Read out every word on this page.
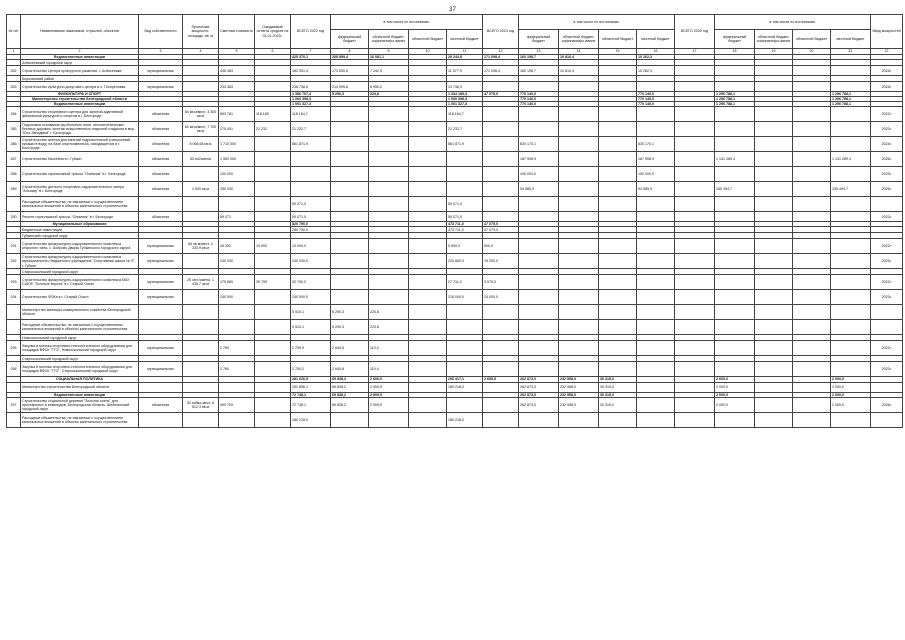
37
№ п/п	Наименование заказчиков, отраслей, объектов	Вид собственности	Проектная мощность, площадь, кв. м	Сметная стоимость	Ожидаемый остаток средств на 01.01.2022г.	ВСЕГО 2022 год	в том числе по источникам:				ВСЕГО 2024 год	в том числе по источникам:				ВСЕГО 2025 год	в том числе по источникам:				Ввод мощностей
							федеральный бюджет	областной бюджет, софинансиро-вание	областной бюджет	местный бюджет		федеральный бюджет	областной бюджет, софинансиро-вание	областной бюджет	местный бюджет		федеральный бюджет	областной бюджет, софинансиро-вание	областной бюджет	местный бюджет	
1	2	3	4	5	6	7	8	9	10	11	12	13	14	15	16	17	18	19	20	21	22
	Ведомственные инвестиции					425 370,1	208 899,4	16 081,1		20 244,8	171 098,4	160 198,7	10 810,4		10 262,3						
	Алексеевский городской округ																				
282	Строительство Центра культурного развития, г. Алексеевка	муниципальная		436 383		182 051,4	173 830,5	7 242,9		11 577,9	171 098,4	160 198,7	10 810,4		10 262,3						2024г.
	Корочанский район																				
283	Строительство культурно-досугового центра в с. Погореловка	муниципальная		253 383		236 738,5	214 095,8	8 950,2		13 746,9											2024г.
	ФИЗКУЛЬТУРА И СПОРТ					1 386 707,4	5 290,3	220,8		1 334 189,3	47 079,0	770 140,0			770 140,0		1 296 788,1			1 296 788,1	
	Министерство строительства Белгородской области					1 060 398,3				1 060 398,3		770 140,0			770 140,0		1 296 788,1			1 296 788,1	
	Ведомственные инвестиции					1 001 327,3				1 001 327,3		770 140,0			770 140,0		1 296 788,1			1 296 788,1	
284	Строительство спортивного центра для занятий адаптивной физической культурой и спортом в г. Белгороде	областная	84 кв.м/мест, 3 300 кв.м	693 781	118 185	118 164,7				118 164,7											2022г.
285	Подготовка основания футбольного поля, легкоатлетических беговых дорожек, монтаж искусственных покрытий стадиона в мкр. "Юго-Западный" г. Белгорода	областная	60 кв.м/мест, 7 700 кв.м	175 451	21 232	21 232,7				21 232,7											2022г.
286	Строительство центра для занятий гидроэстетикой (синхронный, прыжки в воду) на базе спорткомплекса, находящегося в г. Белгороде	областная	8 068,68 кв.м	1 710 000		861 871,9				861 871,9		630 170,1			630 170,1						2024г.
287	Строительство бассейна в г. Губкин	областная	60 м2/смена	1 550 000								187 908,9			187 908,9		1 141 289,4			1 141 289,4	2026г.
288	Строительство горнолыжной трассы "Олимпик" в г. Белгороде	областная		100 000								100 000,0			100 000,0						2023г.
289	Строительство детского спортивно-оздоровительного лагеря "Альтаир" в г. Белгороде	областная	4 500 кв.м	250 000								94 585,9			94 585,9		155 494,7			155 494,7	2025г.
	Расходные обязательства, не связанные с осуществлением капитальных вложений в объекты капитального строительства					59 071,0				59 071,0											
290	Ремонт горнолыжной трассы "Олимпик" в г. Белгороде	областная		59 071		59 071,0				59 071,0											2022г.
	Муниципальные образования					520 790,0				473 711,0	47 079,0										
	Бюджетные инвестиции					280 790,0				473 711,0	47 079,0										
	Губкинский городской округ																				
291	Строительство физкультурно-оздоровительного комплекса открытого типа, с. Боброво Дворы Губкинского городского округа	муниципальная	84 кв.м/мест, 4 333,9 кв.м	45 352	10 000	10 000,0				9 500,0	500,0										2022г.
292	Строительство физкультурно-оздоровительного комплекса муниципального бюджетного учреждения "Спортивная школа № 3", г. Губкин	муниципальная		240 000		240 000,0				220 800,0	19 200,0										2023г.
	Старооскольский городской округ																				
293	Строительство физкультурно-оздоровительного комплекса МАУ СШОР "Золотые ворота" в г. Старый Оскол	муниципальная	25 чел./смена, 1 435,7 кв.м	175 885	30 790	30 790,0				27 711,0	3 079,0										2022г.
294	Строительство ФОКа в г. Старый Оскол	муниципальная		240 000		240 000,0				216 000,0	24 000,0										2023г.
	Министерство жилищно-коммунального хозяйства Белгородской области					5 510,1	5 290,3	220,8													
	Расходные обязательства, не связанные с осуществлением капитальных вложений в объекты капитального строительства					5 510,1	5 290,3	220,8													
	Новооскольский городской округ																				
295	Закупка и монтаж спортивно-технологического оборудования для площадки ВФСК "ГТО", Новооскольский городской округ	муниципальная		2 769		2 759,9	2 649,5	110,4													2022г.
	Старооскольский городской округ																				
296	Закупка и монтаж спортивно-технологического оборудования для площадки ВФСК "ГТО", Старооскольский городской округ	муниципальная		2 760		2 750,2	2 640,8	110,4													2022г.
	СОЦИАЛЬНАЯ ПОЛИТИКА					281 626,5	69 838,2	2 606,0		206 417,1	2 655,5	262 873,0	232 558,0	30 315,0			2 000,0			2 000,0	
	Министерство строительства Белгородской области					252 896,1	69 838,2	2 909,9		180 218,0		262 873,0	232 558,0	30 315,0			2 000,0			2 000,0	
	Ведомственные инвестиции					72 748,1	69 838,2	2 909,9				262 873,0	232 558,0	30 315,0			2 000,0			2 000,0	
297	Строительство социальной деревни "Золотая осень" для престарелых и инвалидов, Белгородская область, Шебекинский городской округ	областная	52 койко-мест, 8 512,3 кв.м	499 709		72 748,1	69 838,2	2 909,9				262 873,0	232 558,0	30 315,0			2 000,0			2 000,0	2026г.
	Расходные обязательства, не связанные с осуществлением капитальных вложений в объекты капитального строительства					180 218,0				180 218,0											
